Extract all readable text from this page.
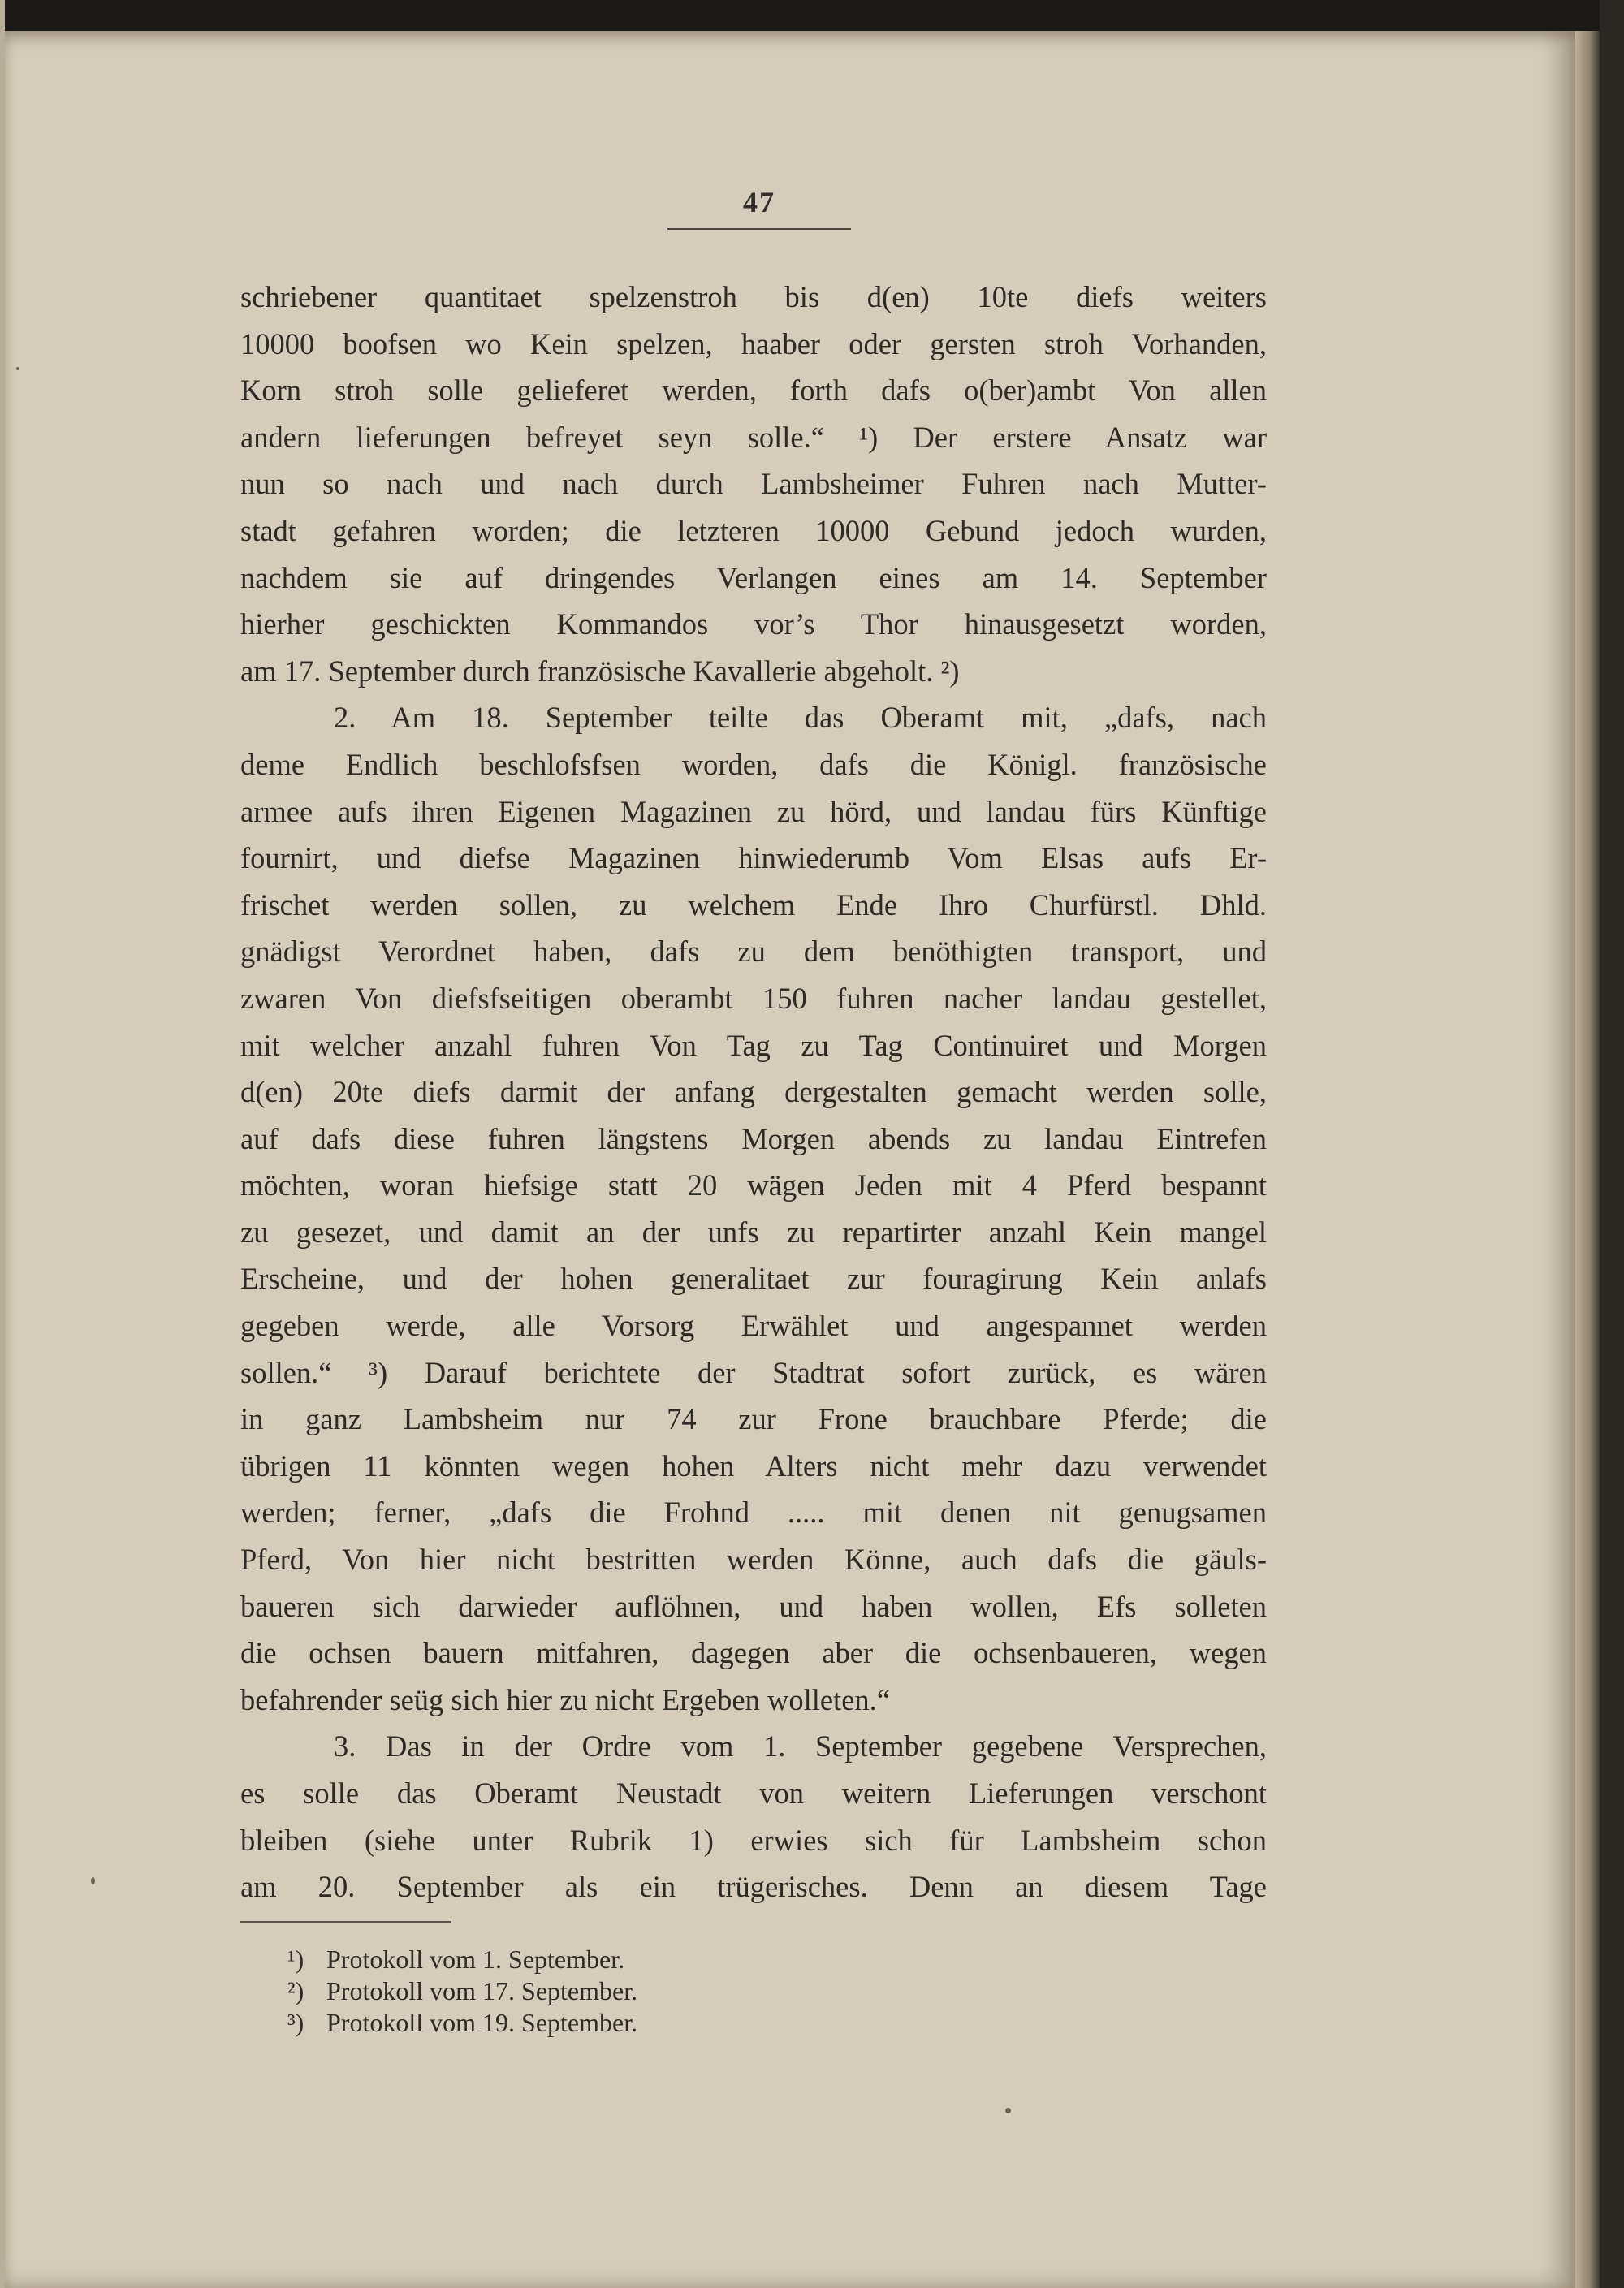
47

schriebener quantitaet spelzenstroh bis d(en) 10te diefs weiters
10000 boofsen wo Kein spelzen, haaber oder gersten stroh Vorhanden,
Korn stroh solle gelieferet werden, forth dafs o(ber)ambt Von allen
andern lieferungen befreyet seyn solle.“ ¹) Der erstere Ansatz war
nun so nach und nach durch Lambsheimer Fuhren nach Mutter-
stadt gefahren worden; die letzteren 10000 Gebund jedoch wurden,
nachdem sie auf dringendes Verlangen eines am 14. September
hierher geschickten Kommandos vor’s Thor hinausgesetzt worden,
am 17. September durch französische Kavallerie abgeholt. ²)

2. Am 18. September teilte das Oberamt mit, „dafs, nach
deme Endlich beschlofsfsen worden, dafs die Königl. französische
armee aufs ihren Eigenen Magazinen zu hörd, und landau fürs Künftige
fournirt, und diefse Magazinen hinwiederumb Vom Elsas aufs Er-
frischet werden sollen, zu welchem Ende Ihro Churfürstl. Dhld.
gnädigst Verordnet haben, dafs zu dem benöthigten transport, und
zwaren Von diefsfseitigen oberambt 150 fuhren nacher landau gestellet,
mit welcher anzahl fuhren Von Tag zu Tag Continuiret und Morgen
d(en) 20te diefs darmit der anfang dergestalten gemacht werden solle,
auf dafs diese fuhren längstens Morgen abends zu landau Eintrefen
möchten, woran hiefsige statt 20 wägen Jeden mit 4 Pferd bespannt
zu gesezet, und damit an der unfs zu repartirter anzahl Kein mangel
Erscheine, und der hohen generalitaet zur fouragirung Kein anlafs
gegeben werde, alle Vorsorg Erwählet und angespannet werden
sollen.“ ³) Darauf berichtete der Stadtrat sofort zurück, es wären
in ganz Lambsheim nur 74 zur Frone brauchbare Pferde; die
übrigen 11 könnten wegen hohen Alters nicht mehr dazu verwendet
werden; ferner, „dafs die Frohnd ..... mit denen nit genugsamen
Pferd, Von hier nicht bestritten werden Könne, auch dafs die gäuls-
baueren sich darwieder auflöhnen, und haben wollen, Efs solleten
die ochsen bauern mitfahren, dagegen aber die ochsenbaueren, wegen
befahrender seüg sich hier zu nicht Ergeben wolleten.“

3. Das in der Ordre vom 1. September gegebene Versprechen,
es solle das Oberamt Neustadt von weitern Lieferungen verschont
bleiben (siehe unter Rubrik 1) erwies sich für Lambsheim schon
am 20. September als ein trügerisches. Denn an diesem Tage

¹) Protokoll vom 1. September.
²) Protokoll vom 17. September.
³) Protokoll vom 19. September.
